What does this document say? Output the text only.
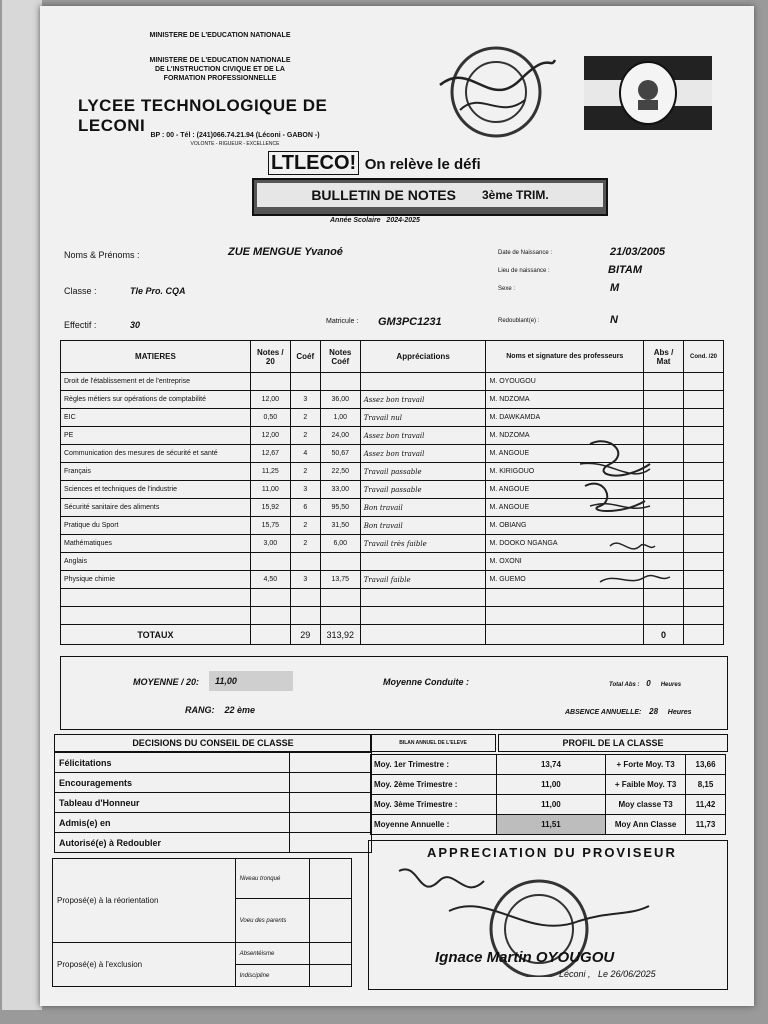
MINISTERE DE L'EDUCATION NATIONALE
MINISTERE DE L'EDUCATION NATIONALE
DE L'INSTRUCTION CIVIQUE ET DE LA
FORMATION PROFESSIONNELLE
LYCEE TECHNOLOGIQUE DE LECONI
BP : 00 - Tél : (241)066.74.21.94 (Léconi - GABON -)
VOLONTE - RIGUEUR - EXCELLENCE
LTLECO! On relève le défi
BULLETIN DE NOTES 3ème TRIM.
Année Scolaire 2024-2025
Noms & Prénoms :	ZUE MENGUE Yvanoé
Classe :	Tle Pro. CQA
Effectif :	30	Matricule : GM3PC1231
Date de Naissance :	21/03/2005
Lieu de naissance :	BITAM
Sexe :	M
Redoublant(e) :	N
MATIERES	Notes / 20	Coéf	Notes Coéf	Appréciations	Noms et signature des professeurs	Abs / Mat	Cond. /20
Droit de l'établissement et de l'entreprise					M. OYOUGOU		
Règles métiers sur opérations de comptabilité	12,00	3	36,00	Assez bon travail	M. NDZOMA		
EIC	0,50	2	1,00	Travail nul	M. DAWKAMDA		
PE	12,00	2	24,00	Assez bon travail	M. NDZOMA		
Communication des mesures de sécurité et santé	12,67	4	50,67	Assez bon travail	M. ANGOUE		
Français	11,25	2	22,50	Travail passable	M. KIRIGOUO		
Sciences et techniques de l'industrie	11,00	3	33,00	Travail passable	M. ANGOUE		
Sécurité sanitaire des aliments	15,92	6	95,50	Bon travail	M. ANGOUE		
Pratique du Sport	15,75	2	31,50	Bon travail	M. OBIANG		
Mathématiques	3,00	2	6,00	Travail très faible	M. DOOKO NGANGA		
Anglais					M. OXONI		
Physique chimie	4,50	3	13,75	Travail faible	M. GUEMO		

TOTAUX		29	313,92			0	
MOYENNE / 20:	11,00	Moyenne Conduite :	Total Abs : 0 Heures
RANG: 22 ème	ABSENCE ANNUELLE: 28 Heures
DECISIONS DU CONSEIL DE CLASSE
Félicitations	
Encouragements	
Tableau d'Honneur	
Admis(e) en	
Autorisé(e) à Redoubler	
Proposé(e) à la réorientation	Niveau tronqué	
	Voeu des parents	
Proposé(e) à l'exclusion	Absentéisme	
	Indiscipline	
BILAN ANNUEL DE L'ELEVE	PROFIL DE LA CLASSE
Moy. 1er Trimestre :	13,74	+ Forte Moy. T3	13,66
Moy. 2ème Trimestre :	11,00	+ Faible Moy. T3	8,15
Moy. 3ème Trimestre :	11,00	Moy classe T3	11,42
Moyenne Annuelle :	11,51	Moy Ann Classe	11,73
APPRECIATION DU PROVISEUR
Ignace Martin OYOUGOU
Léconi , Le 26/06/2025
